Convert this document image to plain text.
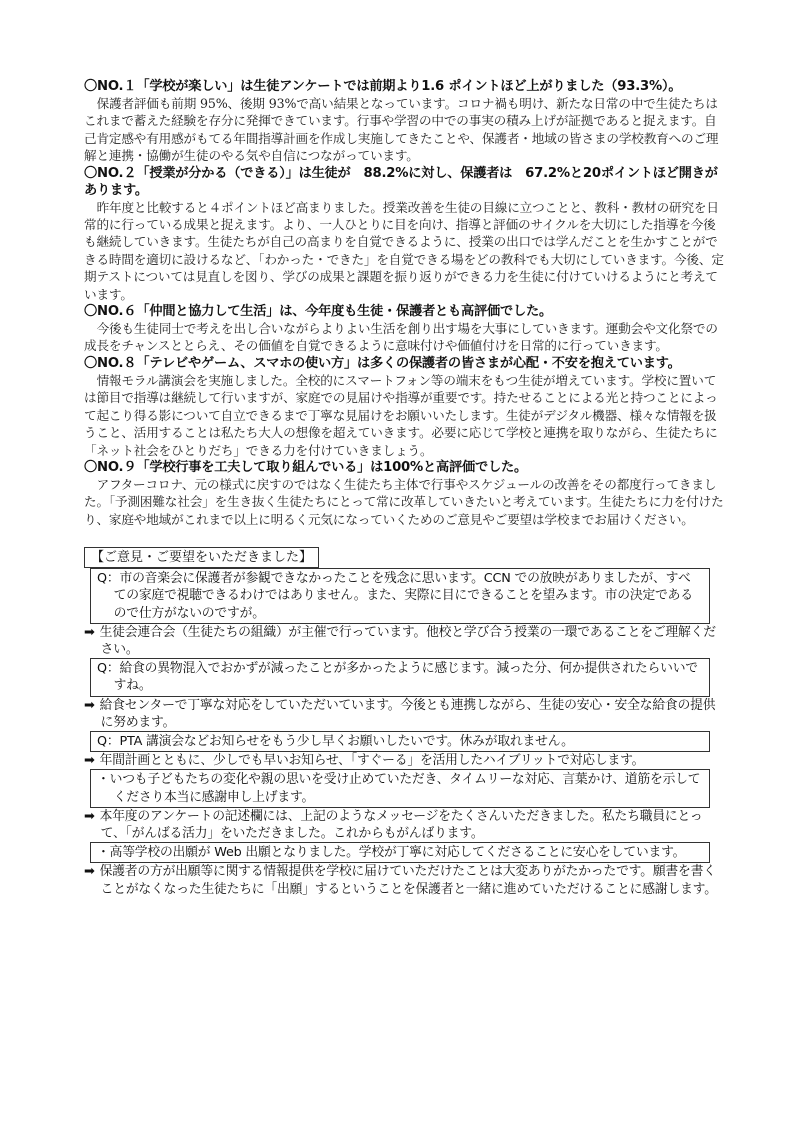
〇NO.１「学校が楽しい」は生徒アンケートでは前期より1.6 ポイントほど上がりました（93.3%）。

保護者評価も前期 95%、後期 93%で高い結果となっています。コロナ禍も明け、新たな日常の中で生徒たちはこれまで蓄えた経験を存分に発揮できています。行事や学習の中での事実の積み上げが証拠であると捉えます。自己肯定感や有用感がもてる年間指導計画を作成し実施してきたことや、保護者・地域の皆さまの学校教育へのご理解と連携・協働が生徒のやる気や自信につながっています。

〇NO.２「授業が分かる（できる）」は生徒が　88.2%に対し、保護者は　67.2%と20ポイントほど開きがあります。

昨年度と比較すると４ポイントほど高まりました。授業改善を生徒の目線に立つことと、教科・教材の研究を日常的に行っている成果と捉えます。より、一人ひとりに目を向け、指導と評価のサイクルを大切にした指導を今後も継続していきます。生徒たちが自己の高まりを自覚できるように、授業の出口では学んだことを生かすことができる時間を適切に設けるなど、「わかった・できた」を自覚できる場をどの教科でも大切にしていきます。今後、定期テストについては見直しを図り、学びの成果と課題を振り返りができる力を生徒に付けていけるようにと考えています。

〇NO.６「仲間と協力して生活」は、今年度も生徒・保護者とも高評価でした。

今後も生徒同士で考えを出し合いながらよりよい生活を創り出す場を大事にしていきます。運動会や文化祭での成長をチャンスととらえ、その価値を自覚できるように意味付けや価値付けを日常的に行っていきます。

〇NO.８「テレビやゲーム、スマホの使い方」は多くの保護者の皆さまが心配・不安を抱えています。

情報モラル講演会を実施しました。全校的にスマートフォン等の端末をもつ生徒が増えています。学校に置いては節目で指導は継続して行いますが、家庭での見届けや指導が重要です。持たせることによる光と持つことによって起こり得る影について自立できるまで丁寧な見届けをお願いいたします。生徒がデジタル機器、様々な情報を扱うこと、活用することは私たち大人の想像を超えていきます。必要に応じて学校と連携を取りながら、生徒たちに「ネット社会をひとりだち」できる力を付けていきましょう。

〇NO.９「学校行事を工夫して取り組んでいる」は100%と高評価でした。

アフターコロナ、元の様式に戻すのではなく生徒たち主体で行事やスケジュールの改善をその都度行ってきました。「予測困難な社会」を生き抜く生徒たちにとって常に改革していきたいと考えています。生徒たちに力を付けたり、家庭や地域がこれまで以上に明るく元気になっていくためのご意見やご要望は学校までお届けください。

【ご意見・ご要望をいただきました】

Q：市の音楽会に保護者が参観できなかったことを残念に思います。CCN での放映がありましたが、すべての家庭で視聴できるわけではありません。また、実際に目にできることを望みます。市の決定であるので仕方がないのですが。

➡ 生徒会連合会（生徒たちの組織）が主催で行っています。他校と学び合う授業の一環であることをご理解ください。

Q：給食の異物混入でおかずが減ったことが多かったように感じます。減った分、何か提供されたらいいですね。

➡ 給食センターで丁寧な対応をしていただいています。今後とも連携しながら、生徒の安心・安全な給食の提供に努めます。

Q：PTA 講演会などお知らせをもう少し早くお願いしたいです。休みが取れません。

➡ 年間計画とともに、少しでも早いお知らせ、「すぐーる」を活用したハイブリットで対応します。

・いつも子どもたちの変化や親の思いを受け止めていただき、タイムリーな対応、言葉かけ、道筋を示してくださり本当に感謝申し上げます。

➡ 本年度のアンケートの記述欄には、上記のようなメッセージをたくさんいただきました。私たち職員にとって、「がんばる活力」をいただきました。これからもがんばります。

・高等学校の出願が Web 出願となりました。学校が丁寧に対応してくださることに安心をしています。

➡ 保護者の方が出願等に関する情報提供を学校に届けていただけたことは大変ありがたかったです。願書を書くことがなくなった生徒たちに「出願」するということを保護者と一緒に進めていただけることに感謝します。
